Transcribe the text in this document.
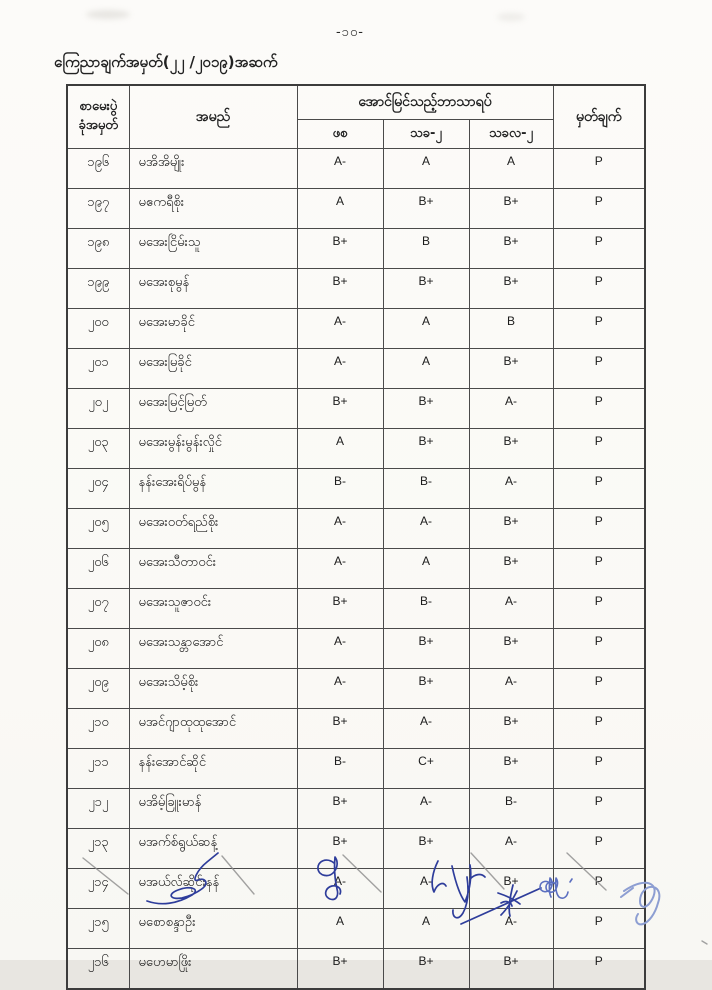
-၁၀-
ကြေညာချက်အမှတ်(၂၂ /၂၀၁၉)အဆက်
စာမေးပွဲ
ခုံအမှတ်	အမည်	အောင်မြင်သည့်ဘာသာရပ်			မှတ်ချက်
		ဖစ	သခ-၂	သခလ-၂	
၁၉၆	မအိအိမျိုး	A-	A	A	P
၁၉၇	မဧကရီစိုး	A	B+	B+	P
၁၉၈	မအေးငြိမ်းသူ	B+	B	B+	P
၁၉၉	မအေးစုမွန်	B+	B+	B+	P
၂၀၀	မအေးမာခိုင်	A-	A	B	P
၂၀၁	မအေးမြခိုင်	A-	A	B+	P
၂၀၂	မအေးမြင့်မြတ်	B+	B+	A-	P
၂၀၃	မအေးမွန်းမွန်းလှိုင်	A	B+	B+	P
၂၀၄	နန်းအေးရိပ်မွန်	B-	B-	A-	P
၂၀၅	မအေးဝတ်ရည်စိုး	A-	A-	B+	P
၂၀၆	မအေးသီတာဝင်း	A-	A	B+	P
၂၀၇	မအေးသူဇာဝင်း	B+	B-	A-	P
၂၀၈	မအေးသန္တာအောင်	A-	B+	B+	P
၂၀၉	မအေးသိမ့်စိုး	A-	B+	A-	P
၂၁၀	မအင်ဂျာထုထုအောင်	B+	A-	B+	P
၂၁၁	နန်းအောင်ဆိုင်	B-	C+	B+	P
၂၁၂	မအိမ့်ခြူးမာန်	B+	A-	B-	P
၂၁၃	မအက်စ်ရွယ်ဆန့်	B+	B+	A-	P
၂၁၄	မအယ်လ်ဆိုင်းနန်	A-	A-	B+	P
၂၁၅	မစောစန္ဒာဦး	A	A	A-	P
၂၁၆	မဟေမာဖြိုး	B+	B+	B+	P
